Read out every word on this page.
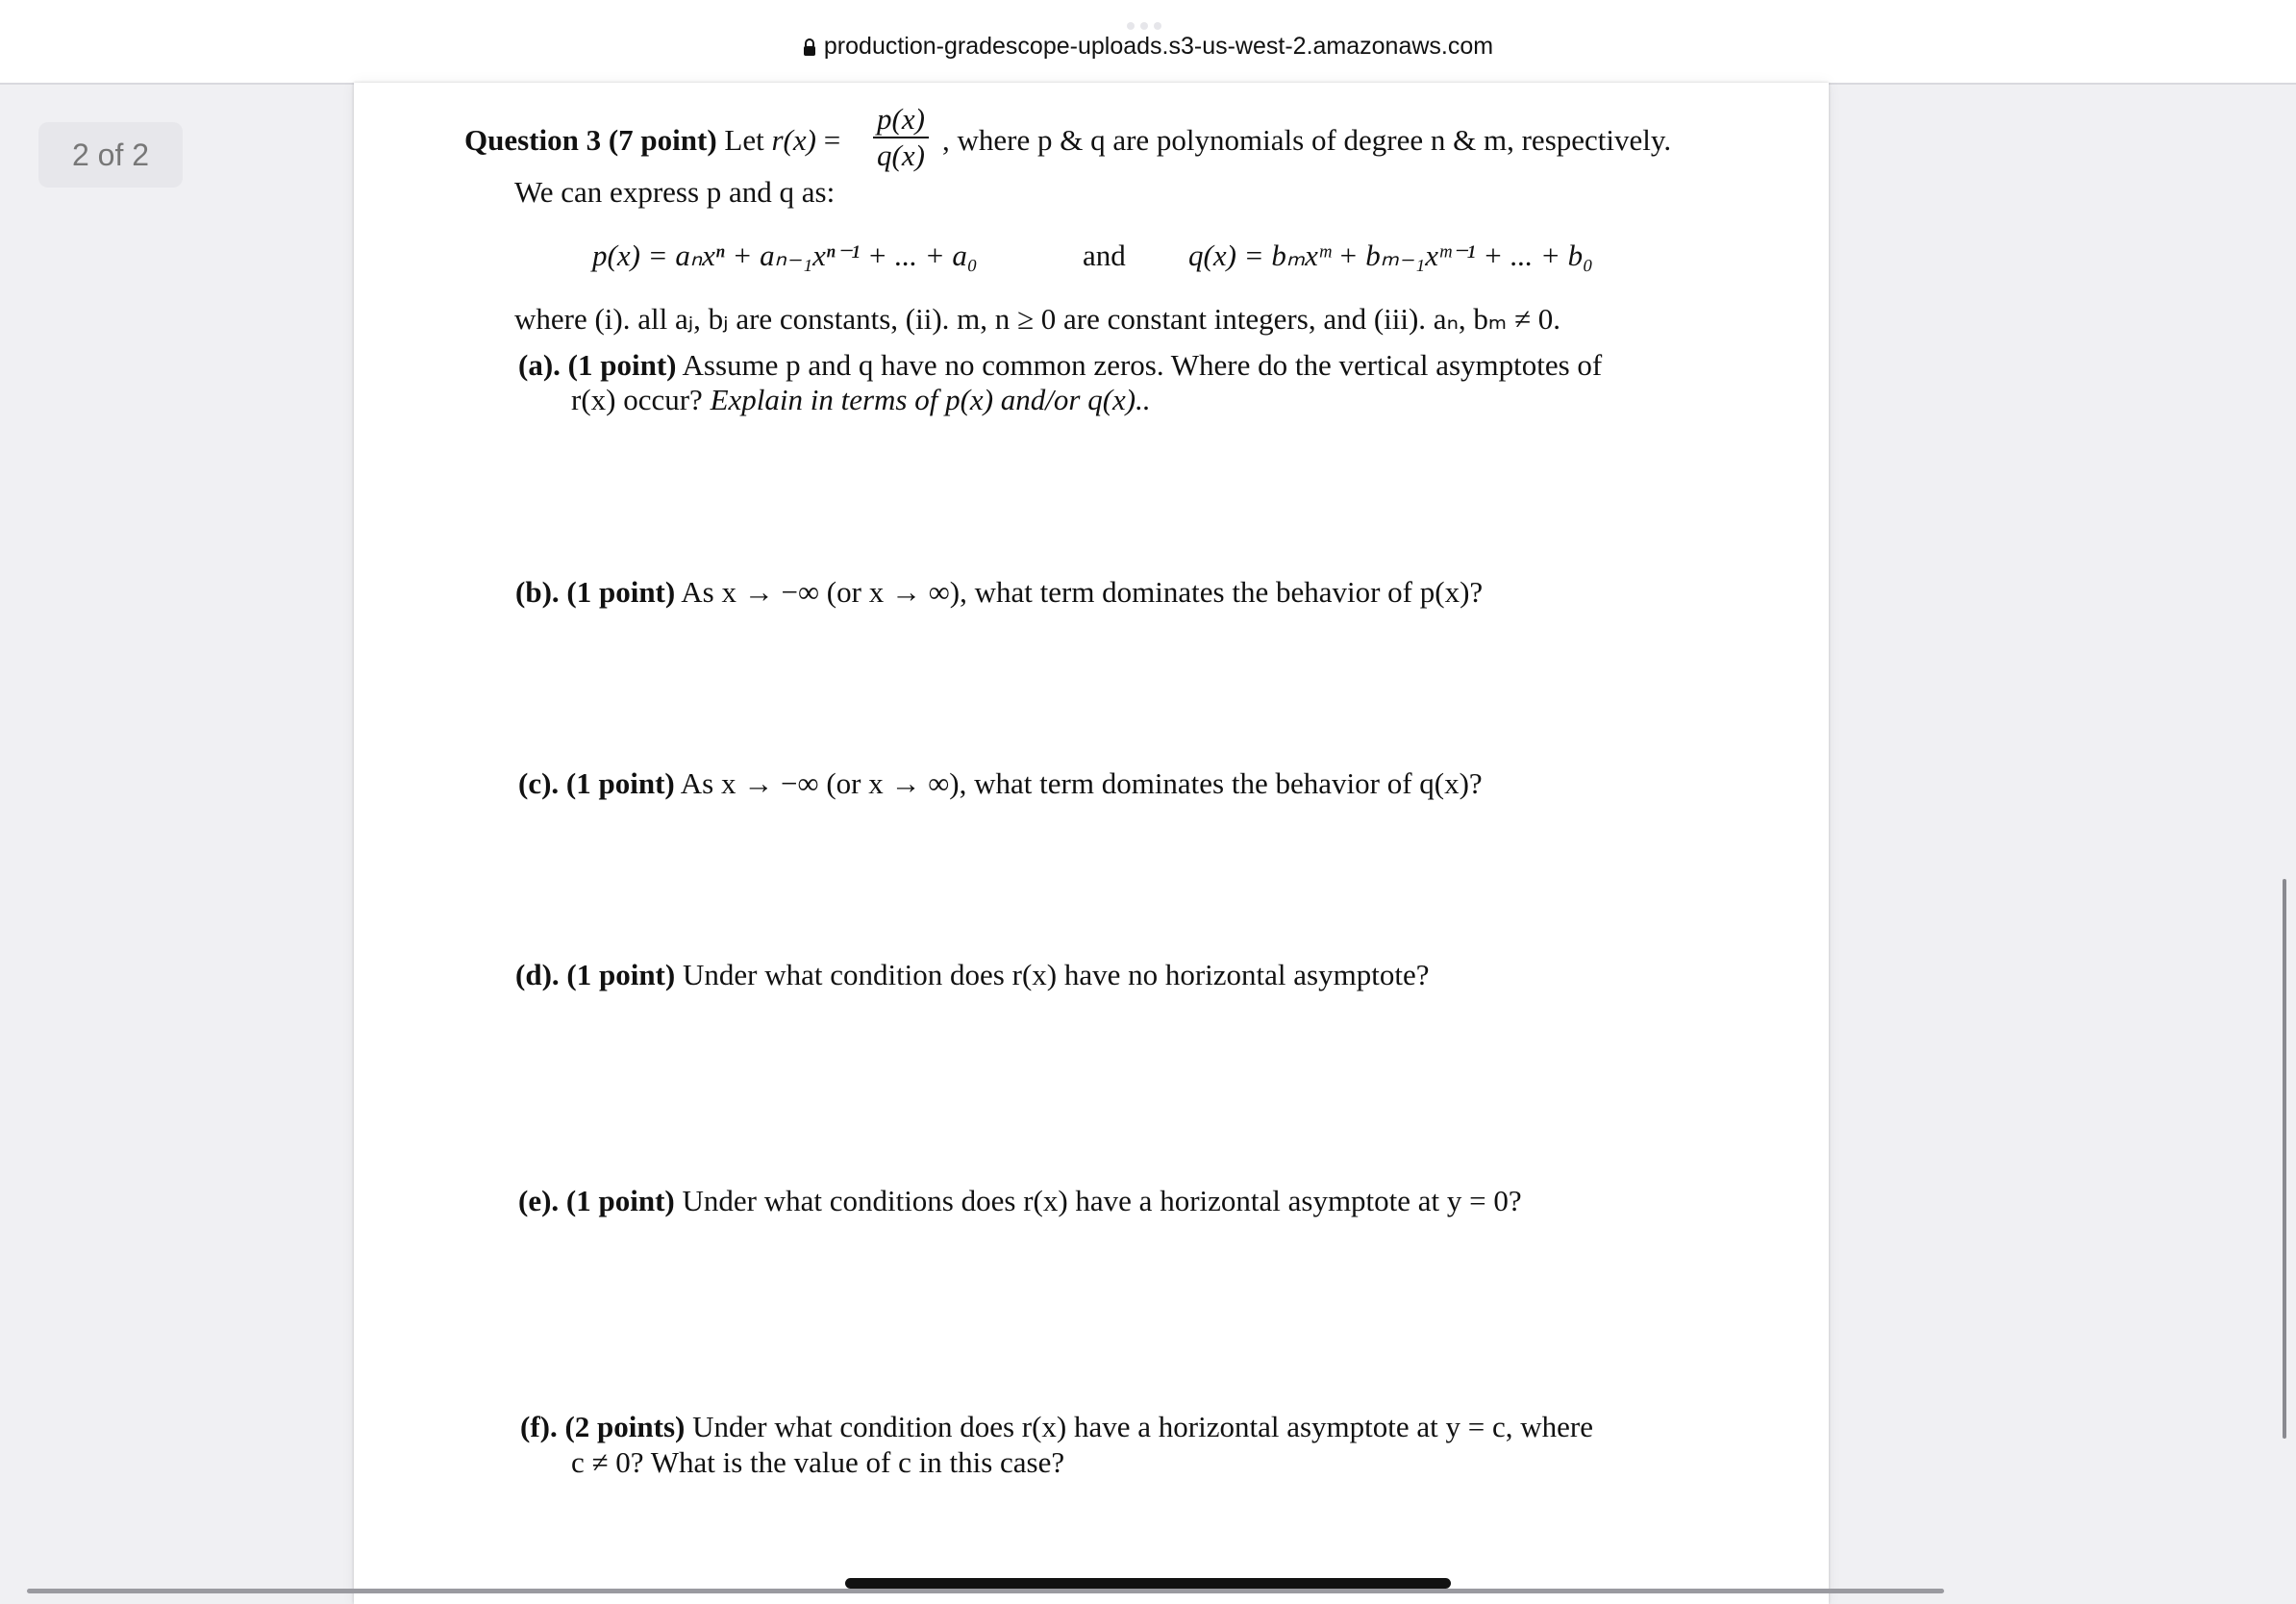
9:38 PM Fri Feb 9	53%
production-gradescope-uploads.s3-us-west-2.amazonaws.com
2 of 2	Question 3 (7 point) Let $r(x) = \frac{p(x)}{q(x)}$ , where p & q are polynomials of degree n & m, respectively.
We can express p and q as:
p(x) = aₙxⁿ + aₙ₋₁xⁿ⁻¹ + ... + a₀	and q(x) = bₘxᵐ + bₘ₋₁xᵐ⁻¹ + ... + b₀
where (i). all aⱼ, bⱼ are constants, (ii). m, n ≥ 0 are constant integers, and (iii). aₙ, bₘ ≠ 0.
(a). (1 point) Assume p and q have no common zeros. Where do the vertical asymptotes of
r(x) occur? Explain in terms of p(x) and/or q(x)..
(b). (1 point) As x → −∞ (or x → ∞), what term dominates the behavior of p(x)?
(c). (1 point) As x → −∞ (or x → ∞), what term dominates the behavior of q(x)?
(d). (1 point) Under what condition does r(x) have no horizontal asymptote?
(e). (1 point) Under what conditions does r(x) have a horizontal asymptote at y = 0?
(f). (2 points) Under what condition does r(x) have a horizontal asymptote at y = c, where
c ≠ 0? What is the value of c in this case?
